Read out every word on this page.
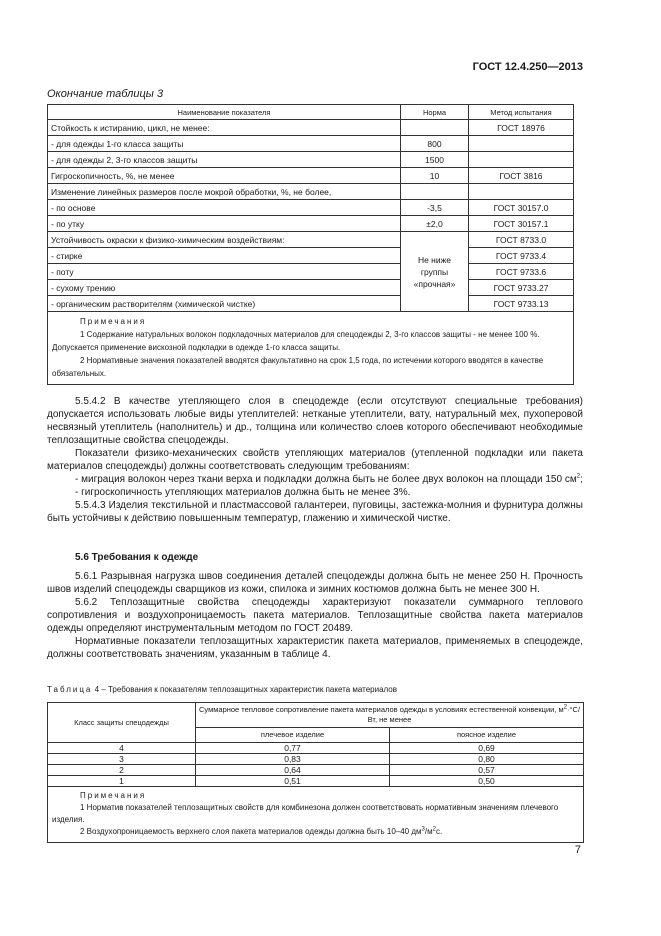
ГОСТ 12.4.250—2013
Окончание таблицы 3
Наименование показателя	Норма	Метод испытания
Стойкость к истиранию, цикл, не менее:		ГОСТ 18976
- для одежды 1-го класса защиты	800	
- для одежды 2, 3-го классов защиты	1500	
Гигроскопичность, %, не менее	10	ГОСТ 3816
Изменение линейных размеров после мокрой обработки, %, не более,		
- по основе	-3,5	ГОСТ 30157.0
- по утку	±2,0	ГОСТ 30157.1
Устойчивость окраски к физико-химическим воздействиям:	Не ниже группы «прочная»	ГОСТ 8733.0
- стирке		ГОСТ 9733.4
- поту		ГОСТ 9733.6
- сухому трению		ГОСТ 9733.27
- органическим растворителям (химической чистке)		ГОСТ 9733.13

Примечания
1 Содержание натуральных волокон подкладочных материалов для спецодежды 2, 3-го классов защиты - не менее 100 %. Допускается применение вискозной подкладки в одежде 1-го класса защиты.
2 Нормативные значения показателей вводятся факультативно на срок 1,5 года, по истечении которого вводятся в качестве обязательных.		

5.5.4.2 В качестве утепляющего слоя в спецодежде (если отсутствуют специальные требования) допускается использовать любые виды утеплителей: нетканые утеплители, вату, натуральный мех, пухоперовой несвязный утеплитель (наполнитель) и др., толщина или количество слоев которого обеспечивают необходимые теплозащитные свойства спецодежды.

Показатели физико-механических свойств утепляющих материалов (утепленной подкладки или пакета материалов спецодежды) должны соответствовать следующим требованиям:

- миграция волокон через ткани верха и подкладки должна быть не более двух волокон на площади 150 $см^2$;

- гигроскопичность утепляющих материалов должна быть не менее 3%.

5.5.4.3 Изделия текстильной и пластмассовой галантереи, пуговицы, застежка-молния и фурнитура должны быть устойчивы к действию повышенным температур, глажению и химической чистке.

5.6 Требования к одежде

5.6.1 Разрывная нагрузка швов соединения деталей спецодежды должна быть не менее 250 Н. Прочность швов изделий спецодежды сварщиков из кожи, спилока и зимних костюмов должна быть не менее 300 Н.

5.6.2 Теплозащитные свойства спецодежды характеризуют показатели суммарного теплового сопротивления и воздухопроницаемость пакета материалов. Теплозащитные свойства пакета материалов одежды определяют инструментальным методом по ГОСТ 20489.

Нормативные показатели теплозащитных характеристик пакета материалов, применяемых в спецодежде, должны соответствовать значениям, указанным в таблице 4.

Таблица 4 – Требования к показателям теплозащитных характеристик пакета материалов
Класс защиты спецодежды	Суммарное тепловое сопротивление пакета материалов одежды в условиях естественной конвекции, $м^2\cdot^\circ С/Вт$, не менее	
	плечевое изделие	поясное изделие
4	0,77	0,69
3	0,83	0,80
2	0,64	0,57
1	0,51	0,50

Примечания
1 Норматив показателей теплозащитных свойств для комбинезона должен соответствовать нормативным значениям плечевого изделия.
2 Воздухопроницаемость верхнего слоя пакета материалов одежды должна быть 10–40 $дм^3/м^2с$.		
7
